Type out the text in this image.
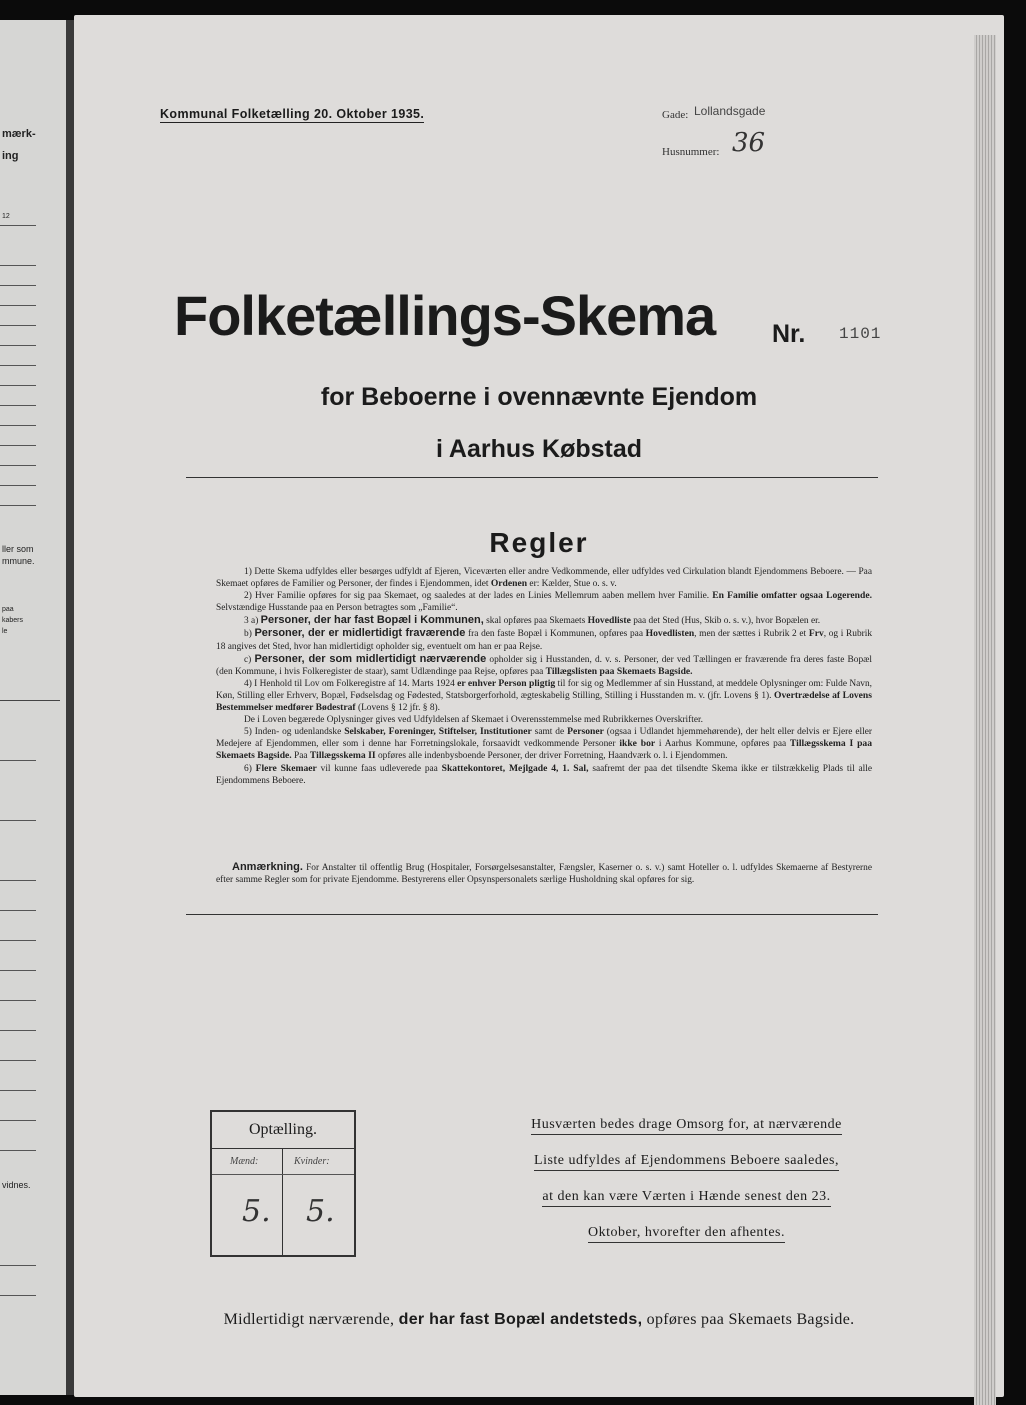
mærk-
ing
12
ller som
mmune.
paa
kabers
le
vidnes.
Kommunal Folketælling 20. Oktober 1935.	Gade: Lollandsgade
Husnummer: 36
Folketællings-Skema Nr. 1101
for Beboerne i ovennævnte Ejendom
i Aarhus Købstad
Regler

1) Dette Skema udfyldes eller besørges udfyldt af Ejeren, Viceværten eller andre Vedkommende, eller udfyldes ved Cirkulation blandt Ejendommens Beboere. — Paa Skemaet opføres de Familier og Personer, der findes i Ejendommen, idet Ordenen er: Kælder, Stue o. s. v.

2) Hver Familie opføres for sig paa Skemaet, og saaledes at der lades en Linies Mellemrum aaben mellem hver Familie. En Familie omfatter ogsaa Logerende. Selvstændige Husstande paa en Person betragtes som „Familie“.

3 a) Personer, der har fast Bopæl i Kommunen, skal opføres paa Skemaets Hovedliste paa det Sted (Hus, Skib o. s. v.), hvor Bopælen er.

b) Personer, der er midlertidigt fraværende fra den faste Bopæl i Kommunen, opføres paa Hovedlisten, men der sættes i Rubrik 2 et Frv, og i Rubrik 18 angives det Sted, hvor han midlertidigt opholder sig, eventuelt om han er paa Rejse.

c) Personer, der som midlertidigt nærværende opholder sig i Husstanden, d. v. s. Personer, der ved Tællingen er fraværende fra deres faste Bopæl (den Kommune, i hvis Folkeregister de staar), samt Udlændinge paa Rejse, opføres paa Tillægslisten paa Skemaets Bagside.

4) I Henhold til Lov om Folkeregistre af 14. Marts 1924 er enhver Person pligtig til for sig og Medlemmer af sin Husstand, at meddele Oplysninger om: Fulde Navn, Køn, Stilling eller Erhverv, Bopæl, Fødselsdag og Fødested, Statsborgerforhold, ægteskabelig Stilling, Stilling i Husstanden m. v. (jfr. Lovens § 1). Overtrædelse af Lovens Bestemmelser medfører Bødestraf (Lovens § 12 jfr. § 8).

De i Loven begærede Oplysninger gives ved Udfyldelsen af Skemaet i Overensstemmelse med Rubrikkernes Overskrifter.

5) Inden- og udenlandske Selskaber, Foreninger, Stiftelser, Institutioner samt de Personer (ogsaa i Udlandet hjemmehørende), der helt eller delvis er Ejere eller Medejere af Ejendommen, eller som i denne har Forretningslokale, forsaavidt vedkommende Personer ikke bor i Aarhus Kommune, opføres paa Tillægsskema I paa Skemaets Bagside. Paa Tillægsskema II opføres alle indenbysboende Personer, der driver Forretning, Haandværk o. l. i Ejendommen.

6) Flere Skemaer vil kunne faas udleverede paa Skattekontoret, Mejlgade 4, 1. Sal, saafremt der paa det tilsendte Skema ikke er tilstrækkelig Plads til alle Ejendommens Beboere.

Anmærkning. For Anstalter til offentlig Brug (Hospitaler, Forsørgelsesanstalter, Fængsler, Kaserner o. s. v.) samt Hoteller o. l. udfyldes Skemaerne af Bestyrerne efter samme Regler som for private Ejendomme. Bestyrerens eller Opsynspersonalets særlige Husholdning skal opføres for sig.

Optælling.
Mænd:	Kvinder:
5. 5.
Husværten bedes drage Omsorg for, at nærværende
Liste udfyldes af Ejendommens Beboere saaledes,
at den kan være Værten i Hænde senest den 23.
Oktober, hvorefter den afhentes.
Midlertidigt nærværende, der har fast Bopæl andetsteds, opføres paa Skemaets Bagside.
